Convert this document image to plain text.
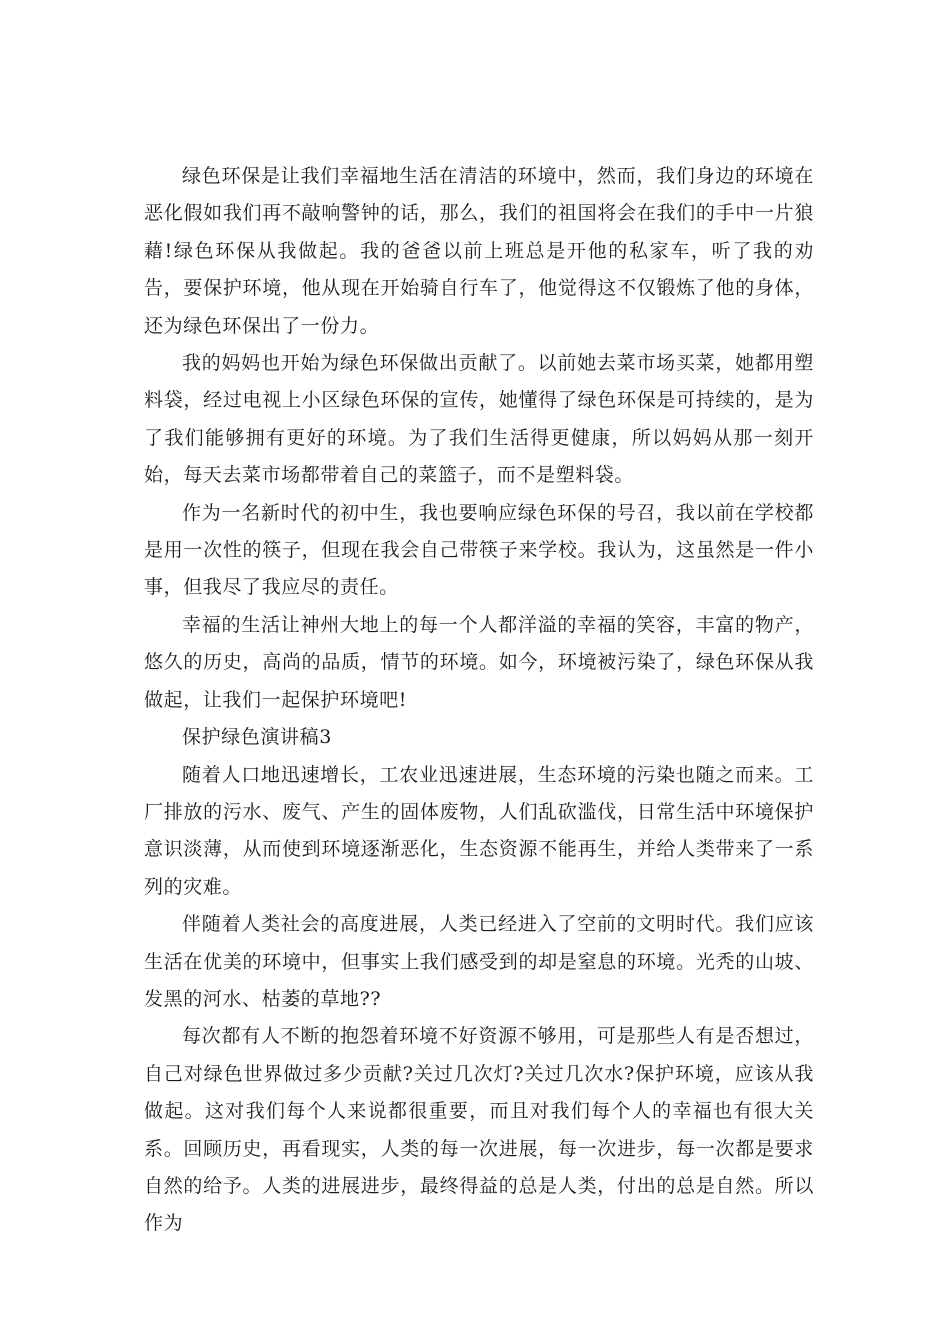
绿色环保是让我们幸福地生活在清洁的环境中，然而，我们身边的环境在恶化假如我们再不敲响警钟的话，那么，我们的祖国将会在我们的手中一片狼藉!绿色环保从我做起。我的爸爸以前上班总是开他的私家车，听了我的劝告，要保护环境，他从现在开始骑自行车了，他觉得这不仅锻炼了他的身体，还为绿色环保出了一份力。

我的妈妈也开始为绿色环保做出贡献了。以前她去菜市场买菜，她都用塑料袋，经过电视上小区绿色环保的宣传，她懂得了绿色环保是可持续的，是为了我们能够拥有更好的环境。为了我们生活得更健康，所以妈妈从那一刻开始，每天去菜市场都带着自己的菜篮子，而不是塑料袋。

作为一名新时代的初中生，我也要响应绿色环保的号召，我以前在学校都是用一次性的筷子，但现在我会自己带筷子来学校。我认为，这虽然是一件小事，但我尽了我应尽的责任。

幸福的生活让神州大地上的每一个人都洋溢的幸福的笑容，丰富的物产，悠久的历史，高尚的品质，情节的环境。如今，环境被污染了，绿色环保从我做起，让我们一起保护环境吧!

保护绿色演讲稿3

随着人口地迅速增长，工农业迅速进展，生态环境的污染也随之而来。工厂排放的污水、废气、产生的固体废物，人们乱砍滥伐，日常生活中环境保护意识淡薄，从而使到环境逐渐恶化，生态资源不能再生，并给人类带来了一系列的灾难。

伴随着人类社会的高度进展，人类已经进入了空前的文明时代。我们应该生活在优美的环境中，但事实上我们感受到的却是窒息的环境。光秃的山坡、发黑的河水、枯萎的草地??

每次都有人不断的抱怨着环境不好资源不够用，可是那些人有是否想过，自己对绿色世界做过多少贡献?关过几次灯?关过几次水?保护环境，应该从我做起。这对我们每个人来说都很重要，而且对我们每个人的幸福也有很大关系。回顾历史，再看现实，人类的每一次进展，每一次进步，每一次都是要求自然的给予。人类的进展进步，最终得益的总是人类，付出的总是自然。所以作为
